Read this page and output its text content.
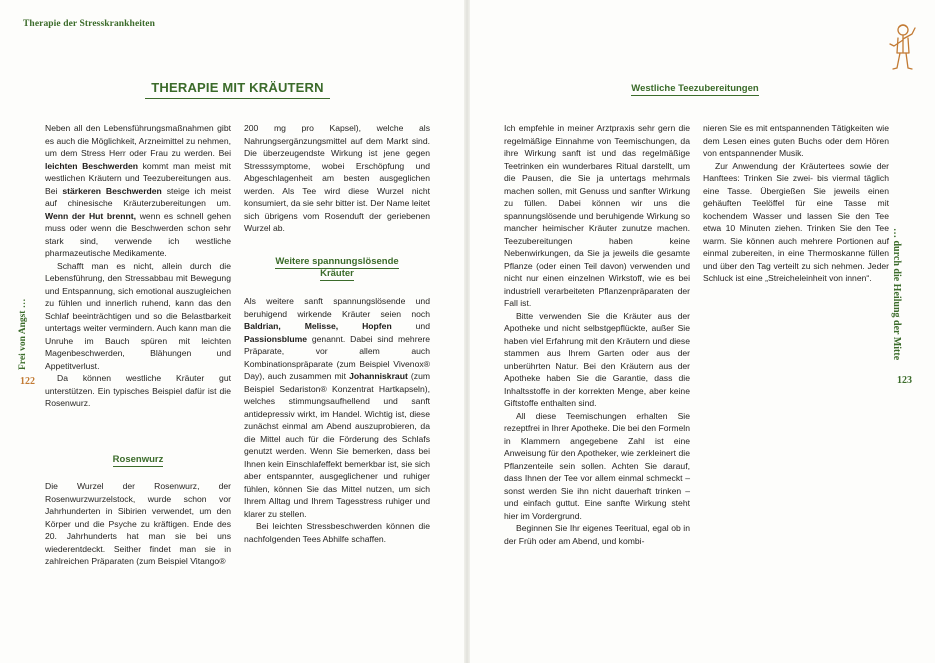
Therapie der Stresskrankheiten
Frei von Angst …
122
… durch die Heilung der Mitte
123
THERAPIE MIT KRÄUTERN

Neben all den Lebensführungsmaßnahmen gibt es auch die Möglichkeit, Arzneimittel zu nehmen, um dem Stress Herr oder Frau zu werden. Bei leichten Beschwerden kommt man meist mit westlichen Kräutern und Teezubereitungen aus. Bei stärkeren Beschwerden steige ich meist auf chinesische Kräuterzubereitungen um. Wenn der Hut brennt, wenn es schnell gehen muss oder wenn die Beschwerden schon sehr stark sind, verwende ich westliche pharmazeutische Medikamente.

Schafft man es nicht, allein durch die Lebensführung, den Stressabbau mit Bewegung und Entspannung, sich emotional auszugleichen zu fühlen und innerlich ruhend, kann das den Schlaf beeinträchtigen und so die Belastbarkeit untertags weiter vermindern. Auch kann man die Unruhe im Bauch spüren mit leichten Magenbeschwerden, Blähungen und Appetitverlust.

Da können westliche Kräuter gut unterstützen. Ein typisches Beispiel dafür ist die Rosenwurz.

Rosenwurz

Die Wurzel der Rosenwurz, der Rosenwurzwurzelstock, wurde schon vor Jahrhunderten in Sibirien verwendet, um den Körper und die Psyche zu kräftigen. Ende des 20. Jahrhunderts hat man sie bei uns wiederentdeckt. Seither findet man sie in zahlreichen Präparaten (zum Beispiel Vitango®

200 mg pro Kapsel), welche als Nahrungsergänzungsmittel auf dem Markt sind. Die überzeugendste Wirkung ist jene gegen Stresssymptome, wobei Erschöpfung und Abgeschlagenheit am besten ausgeglichen werden. Als Tee wird diese Wurzel nicht konsumiert, da sie sehr bitter ist. Der Name leitet sich übrigens vom Rosenduft der geriebenen Wurzel ab.

Weitere spannungslösende
Kräuter

Als weitere sanft spannungslösende und beruhigend wirkende Kräuter seien noch Baldrian, Melisse, Hopfen und Passionsblume genannt. Dabei sind mehrere Präparate, vor allem auch Kombinationspräparate (zum Beispiel Vivenox® Day), auch zusammen mit Johanniskraut (zum Beispiel Sedariston® Konzentrat Hartkapseln), welches stimmungsaufhellend und sanft antidepressiv wirkt, im Handel. Wichtig ist, diese zunächst einmal am Abend auszuprobieren, da die Mittel auch für die Förderung des Schlafs genutzt werden. Wenn Sie bemerken, dass bei Ihnen kein Einschlafeffekt bemerkbar ist, sie sich aber entspannter, ausgeglichener und ruhiger fühlen, können Sie das Mittel nutzen, um sich Ihrem Alltag und Ihrem Tagesstress ruhiger und klarer zu stellen.

Bei leichten Stressbeschwerden können die nachfolgenden Tees Abhilfe schaffen.

Westliche Teezubereitungen

Ich empfehle in meiner Arztpraxis sehr gern die regelmäßige Einnahme von Teemischungen, da ihre Wirkung sanft ist und das regelmäßige Teetrinken ein wunderbares Ritual darstellt, um die Pausen, die Sie ja untertags mehrmals machen sollen, mit Genuss und sanfter Wirkung zu füllen. Dabei können wir uns die spannungslösende und beruhigende Wirkung so mancher heimischer Kräuter zunutze machen. Teezubereitungen haben keine Nebenwirkungen, da Sie ja jeweils die gesamte Pflanze (oder einen Teil davon) verwenden und nicht nur einen einzelnen Wirkstoff, wie es bei industriell verarbeiteten Pflanzenpräparaten der Fall ist.

Bitte verwenden Sie die Kräuter aus der Apotheke und nicht selbstgepflückte, außer Sie haben viel Erfahrung mit den Kräutern und diese stammen aus Ihrem Garten oder aus der unberührten Natur. Bei den Kräutern aus der Apotheke haben Sie die Garantie, dass die Inhaltsstoffe in der korrekten Menge, aber keine Giftstoffe enthalten sind.

All diese Teemischungen erhalten Sie rezeptfrei in Ihrer Apotheke. Die bei den Formeln in Klammern angegebene Zahl ist eine Anweisung für den Apotheker, wie zerkleinert die Pflanzenteile sein sollen. Achten Sie darauf, dass Ihnen der Tee vor allem einmal schmeckt – sonst werden Sie ihn nicht dauerhaft trinken – und einfach guttut. Eine sanfte Wirkung steht hier im Vordergrund.

Beginnen Sie Ihr eigenes Teeritual, egal ob in der Früh oder am Abend, und kombi-

nieren Sie es mit entspannenden Tätigkeiten wie dem Lesen eines guten Buchs oder dem Hören von entspannender Musik.

Zur Anwendung der Kräutertees sowie der Hanftees: Trinken Sie zwei- bis viermal täglich eine Tasse. Übergießen Sie jeweils einen gehäuften Teelöffel für eine Tasse mit kochendem Wasser und lassen Sie den Tee etwa 10 Minuten ziehen. Trinken Sie den Tee warm. Sie können auch mehrere Portionen auf einmal zubereiten, in eine Thermoskanne füllen und über den Tag verteilt zu sich nehmen. Jeder Schluck ist eine „Streicheleinheit von innen“.
